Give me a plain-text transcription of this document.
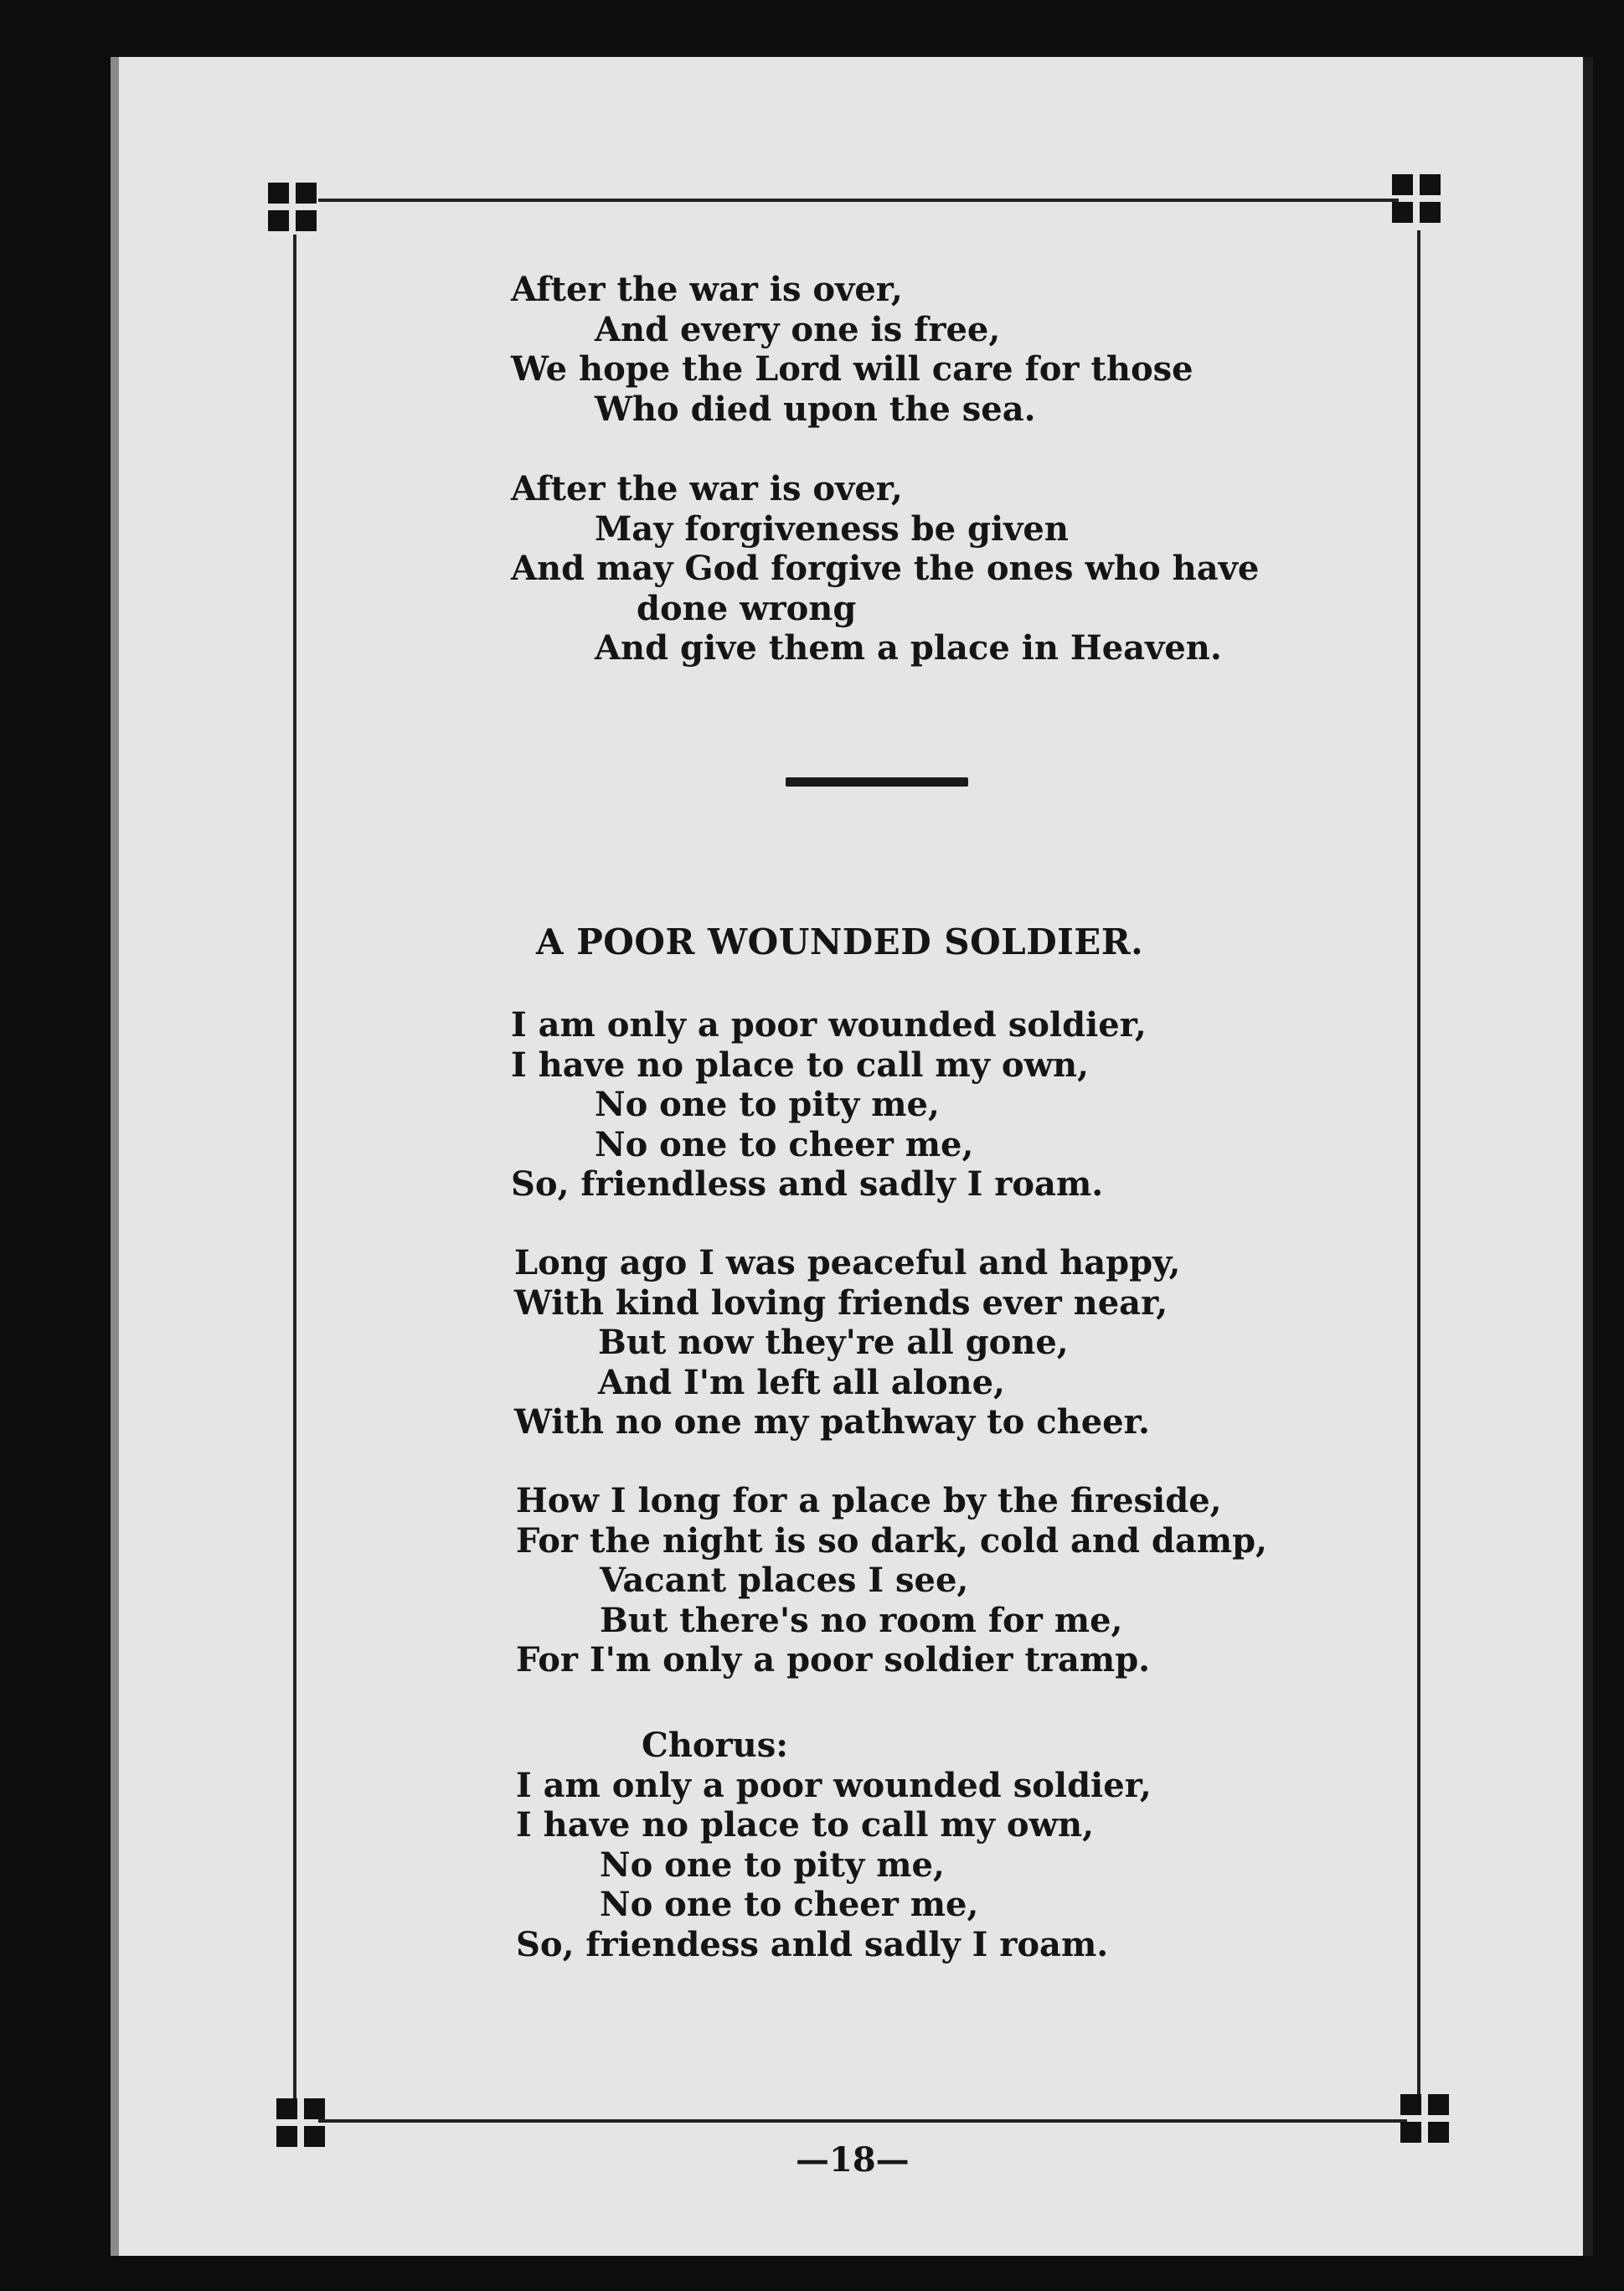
After the war is over,
And every one is free,
We hope the Lord will care for those
Who died upon the sea.
After the war is over,
May forgiveness be given
And may God forgive the ones who have
done wrong
And give them a place in Heaven.
A POOR WOUNDED SOLDIER.
I am only a poor wounded soldier,
I have no place to call my own,
No one to pity me,
No one to cheer me,
So, friendless and sadly I roam.
Long ago I was peaceful and happy,
With kind loving friends ever near,
But now they're all gone,
And I'm left all alone,
With no one my pathway to cheer.
How I long for a place by the fireside,
For the night is so dark, cold and damp,
Vacant places I see,
But there's no room for me,
For I'm only a poor soldier tramp.
Chorus:
I am only a poor wounded soldier,
I have no place to call my own,
No one to pity me,
No one to cheer me,
So, friendess anld sadly I roam.
—18—
